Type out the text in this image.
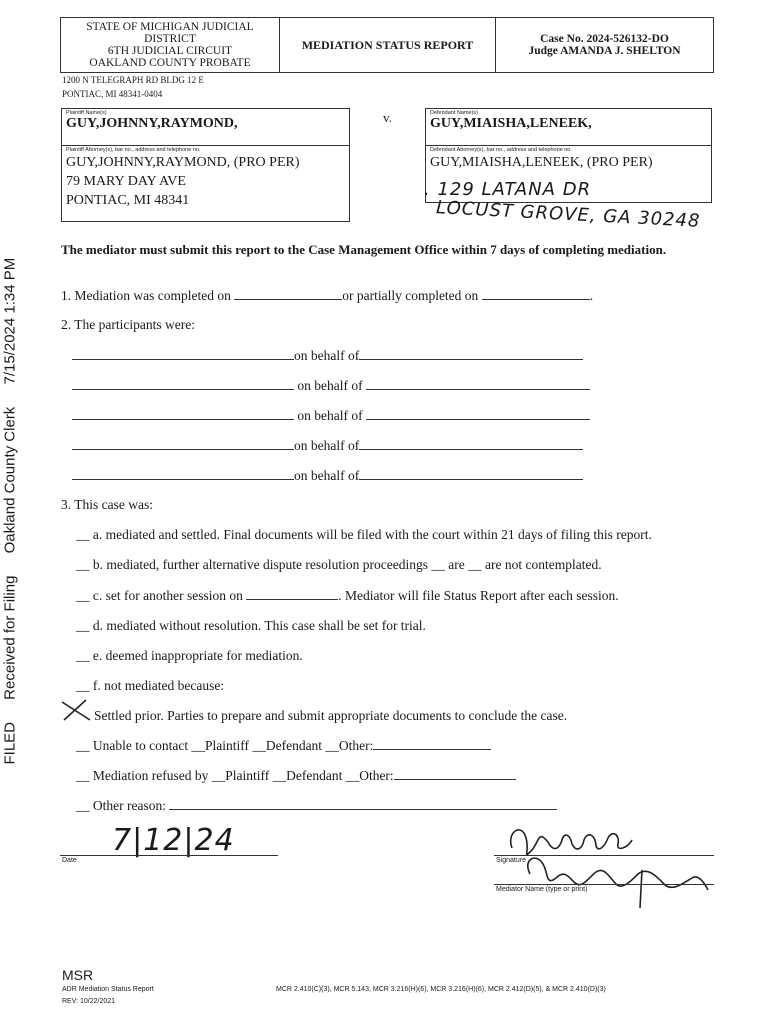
FILED Received for Filing Oakland County Clerk 7/15/2024 1:34 PM
STATE OF MICHIGAN JUDICIAL
DISTRICT
6TH JUDICIAL CIRCUIT
OAKLAND COUNTY PROBATE
MEDIATION STATUS REPORT	Case No. 2024-526132-DO
Judge AMANDA J. SHELTON
1200 N TELEGRAPH RD BLDG 12 E
PONTIAC, MI 48341-0404
Plaintiff Name(s)
GUY,JOHNNY,RAYMOND,
Plaintiff Attorney(s), bar no., address and telephone no.
GUY,JOHNNY,RAYMOND, (PRO PER)
79 MARY DAY AVE
PONTIAC, MI 48341
v.	Defendant Name(s)
GUY,MIAISHA,LENEEK,
Defendant Attorney(s), bar no., address and telephone no.
GUY,MIAISHA,LENEEK, (PRO PER)
. 129 LATANA DR
LOCUST GROVE, GA 30248
The mediator must submit this report to the Case Management Office within 7 days of completing mediation.
1. Mediation was completed on	or partially completed on	.
2. The participants were:
on behalf of
on behalf of
on behalf of
on behalf of
on behalf of
3. This case was:
__ a. mediated and settled. Final documents will be filed with the court within 21 days of filing this report.
__ b. mediated, further alternative dispute resolution proceedings __ are __ are not contemplated.
__ c. set for another session on	. Mediator will file Status Report after each session.
__ d. mediated without resolution. This case shall be set for trial.
__ e. deemed inappropriate for mediation.
__ f. not mediated because:
Settled prior. Parties to prepare and submit appropriate documents to conclude the case.
__ Unable to contact __Plaintiff __Defendant __Other:
__ Mediation refused by __Plaintiff __Defendant __Other:
__ Other reason:
7|12|24
Date	Signature
Mediator Name (type or print)
MSR
ADR Mediation Status Report
REV: 10/22/2021
MCR 2.410(C)(3), MCR 5.143, MCR 3.216(H)(6), MCR 3.216(H)(6), MCR 2.412(D)(5), & MCR 2.410(D)(3)
